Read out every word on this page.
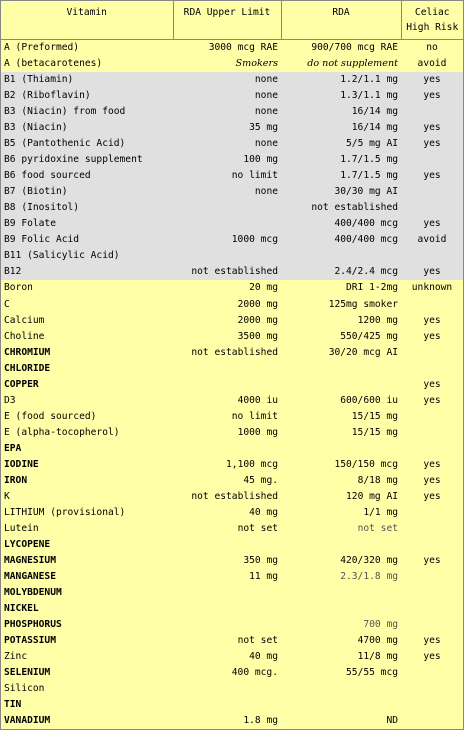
Vitamin	RDA Upper Limit	RDA	Celiac
High Risk
A (Preformed)	3000 mcg RAE	900/700 mcg RAE	no
A (betacarotenes)	Smokers	do not supplement	avoid
B1 (Thiamin)	none	1.2/1.1 mg	yes
B2 (Riboflavin)	none	1.3/1.1 mg	yes
B3 (Niacin) from food	none	16/14 mg	
B3 (Niacin)	35 mg	16/14 mg	yes
B5 (Pantothenic Acid)	none	5/5 mg AI	yes
B6 pyridoxine supplement	100 mg	1.7/1.5 mg	
B6 food sourced	no limit	1.7/1.5 mg	yes
B7 (Biotin)	none	30/30 mg AI	
B8 (Inositol)		not established	
B9 Folate		400/400 mcg	yes
B9 Folic Acid	1000 mcg	400/400 mcg	avoid
B11 (Salicylic Acid)			
B12	not established	2.4/2.4 mcg	yes
Boron	20 mg	DRI 1-2mg	unknown
C	2000 mg	125mg smoker	
Calcium	2000 mg	1200 mg	yes
Choline	3500 mg	550/425 mg	yes
CHROMIUM	not established	30/20 mcg AI	
CHLORIDE			
COPPER			yes
D3	4000 iu	600/600 iu	yes
E (food sourced)	no limit	15/15 mg	
E (alpha-tocopherol)	1000 mg	15/15 mg	
EPA			
IODINE	1,100 mcg	150/150 mcg	yes
IRON	45 mg.	8/18 mg	yes
K	not established	120 mg AI	yes
LITHIUM (provisional)	40 mg	1/1 mg	
Lutein	not set	not set	
LYCOPENE			
MAGNESIUM	350 mg	420/320 mg	yes
MANGANESE	11 mg	2.3/1.8 mg	
MOLYBDENUM			
NICKEL			
PHOSPHORUS		700 mg	
POTASSIUM	not set	4700 mg	yes
Zinc	40 mg	11/8 mg	yes
SELENIUM	400 mcg.	55/55 mcg	
Silicon			
TIN			
VANADIUM	1.8 mg	ND	
